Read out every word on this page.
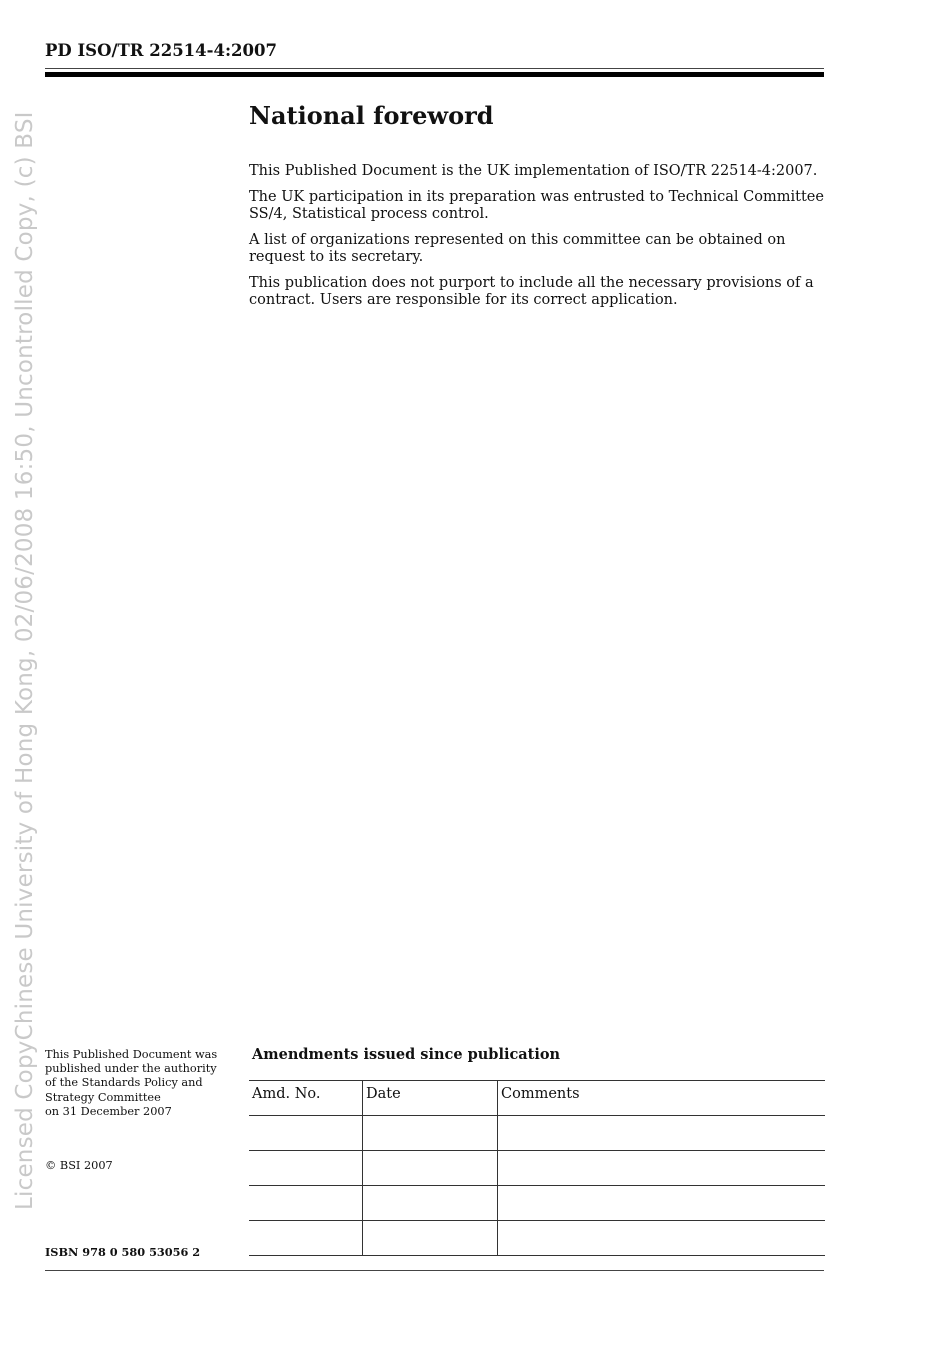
Licensed CopyChinese University of Hong Kong, 02/06/2008 16:50, Uncontrolled Copy, (c) BSI
PD ISO/TR 22514-4:2007
National foreword

This Published Document is the UK implementation of ISO/TR 22514-4:2007.

The UK participation in its preparation was entrusted to Technical Committee SS/4, Statistical process control.

A list of organizations represented on this committee can be obtained on request to its secretary.

This publication does not purport to include all the necessary provisions of a contract. Users are responsible for its correct application.

This Published Document was

published under the authority

of the Standards Policy and

Strategy Committee

on 31 December 2007

© BSI 2007
ISBN 978 0 580 53056 2
Amendments issued since publication
Amd. No.	Date	Comments
